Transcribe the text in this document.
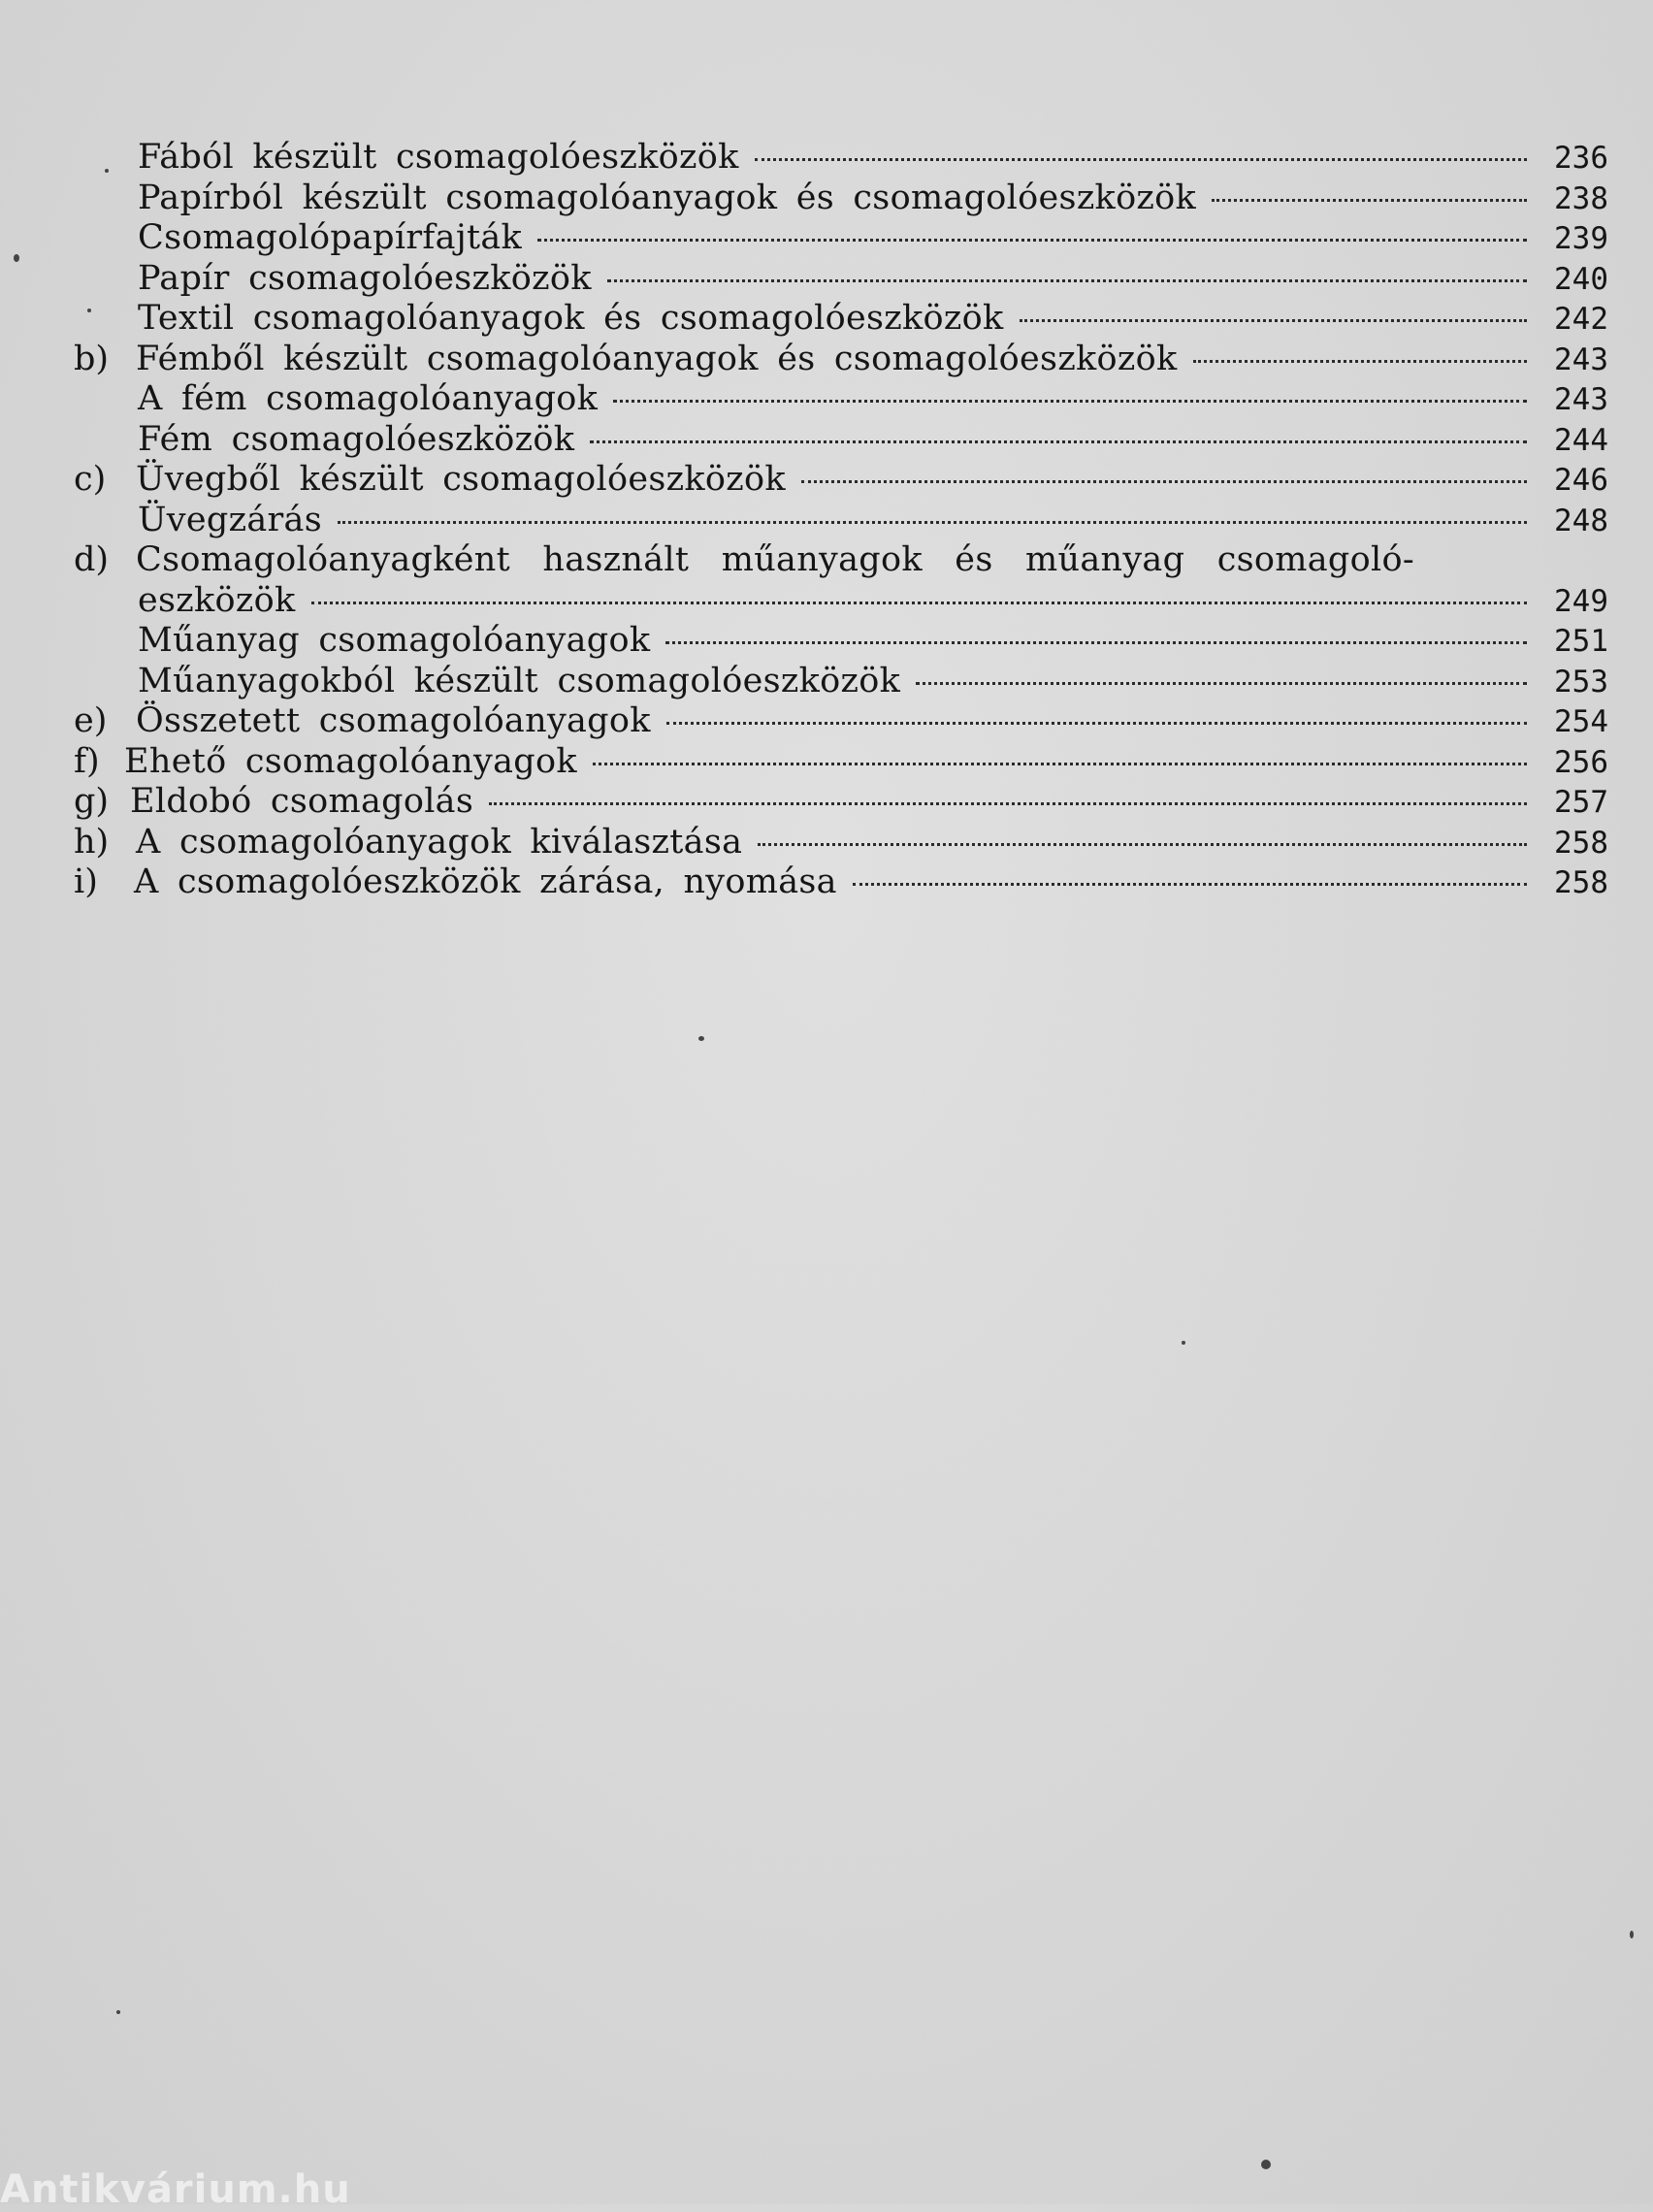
Fából készült csomagolóeszközök	236
Papírból készült csomagolóanyagok és csomagolóeszközök	238
Csomagolópapírfajták	239
Papír csomagolóeszközök	240
Textil csomagolóanyagok és csomagolóeszközök	242
b) Fémből készült csomagolóanyagok és csomagolóeszközök	243
A fém csomagolóanyagok	243
Fém csomagolóeszközök	244
c) Üvegből készült csomagolóeszközök	246
Üvegzárás	248
d) Csomagolóanyagként használt műanyagok és műanyag csomagoló-
eszközök	249
Műanyag csomagolóanyagok	251
Műanyagokból készült csomagolóeszközök	253
e) Összetett csomagolóanyagok	254
f) Ehető csomagolóanyagok	256
g) Eldobó csomagolás	257
h) A csomagolóanyagok kiválasztása	258
i)	A csomagolóeszközök zárása, nyomása	258
Antikvárium.hu
